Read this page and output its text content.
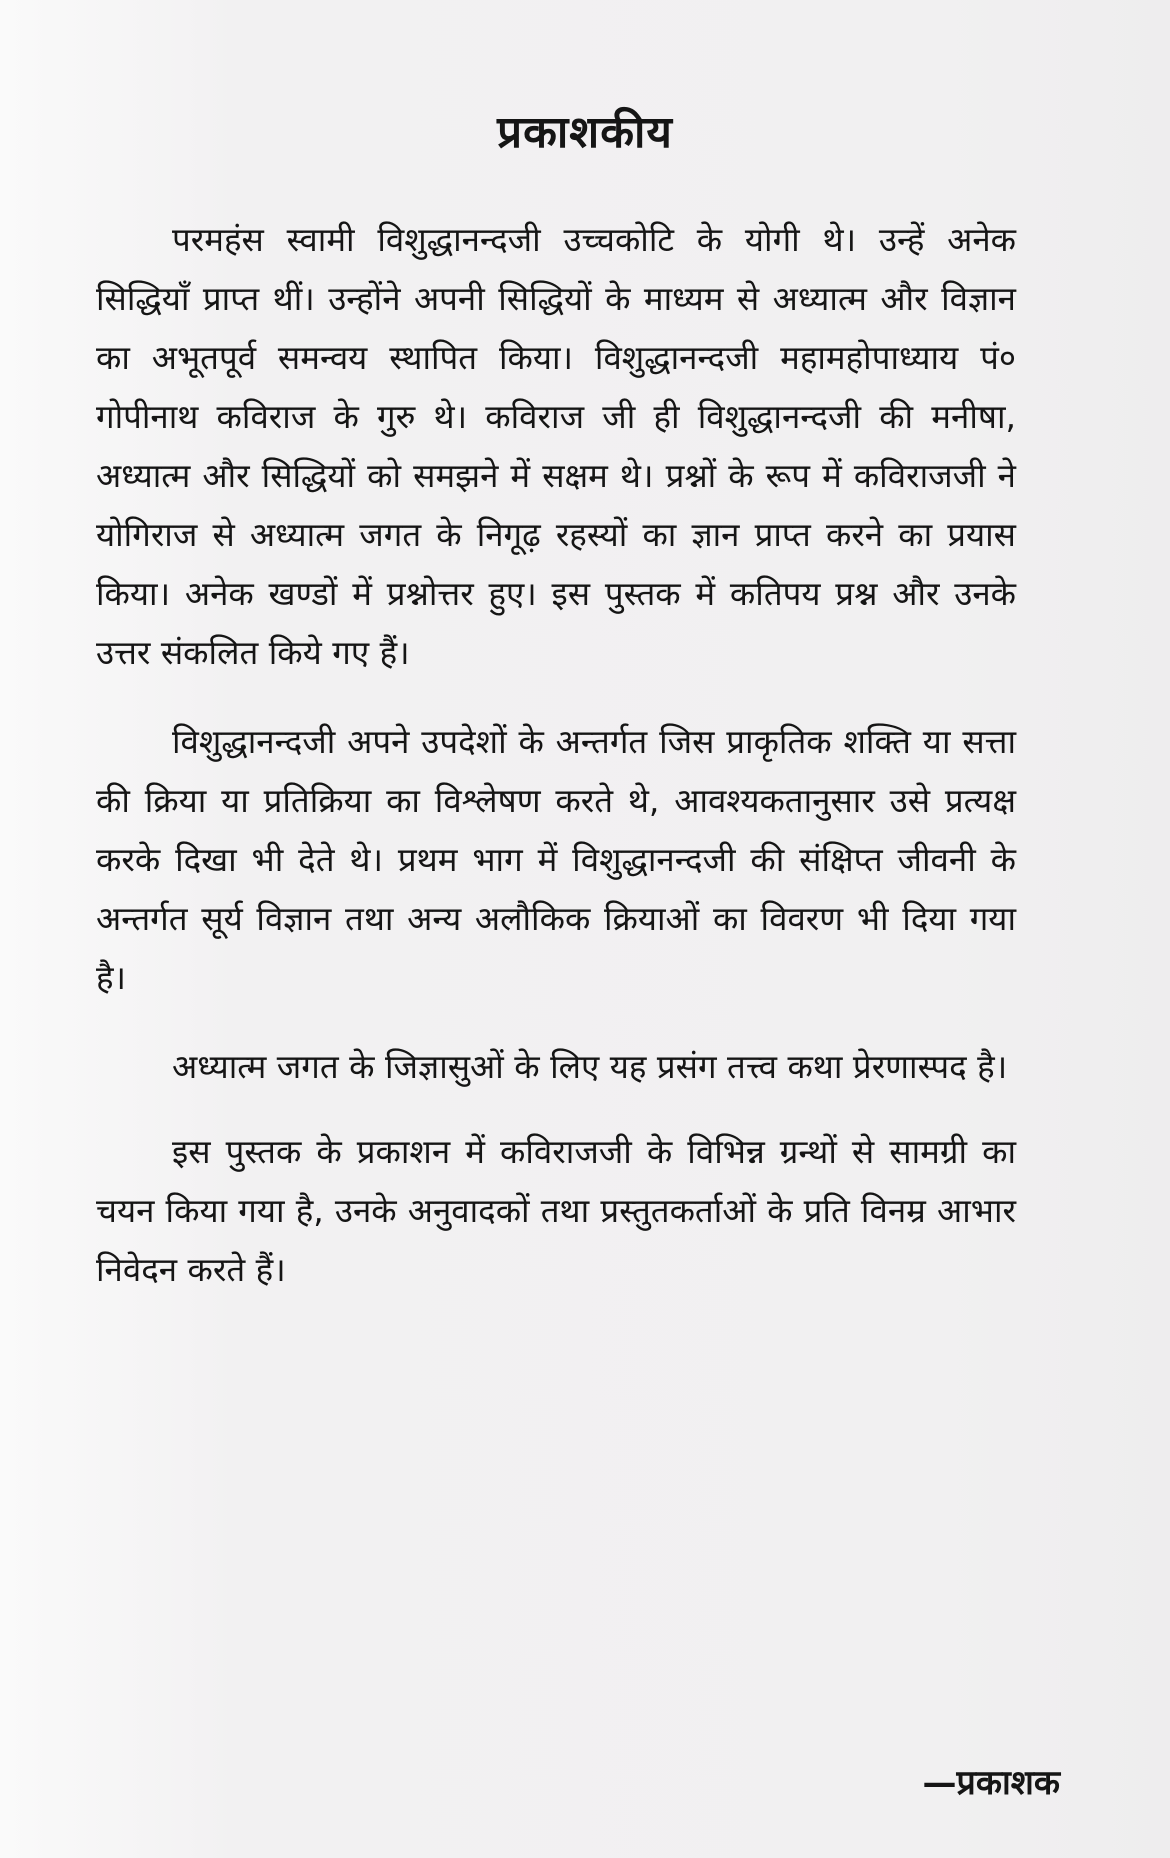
प्रकाशकीय

परमहंस स्वामी विशुद्धानन्दजी उच्चकोटि के योगी थे। उन्हें अनेक सिद्धियाँ प्राप्त थीं। उन्होंने अपनी सिद्धियों के माध्यम से अध्यात्म और विज्ञान का अभूतपूर्व समन्वय स्थापित किया। विशुद्धानन्दजी महामहोपाध्याय पं० गोपीनाथ कविराज के गुरु थे। कविराज जी ही विशुद्धानन्दजी की मनीषा, अध्यात्म और सिद्धियों को समझने में सक्षम थे। प्रश्नों के रूप में कविराजजी ने योगिराज से अध्यात्म जगत के निगूढ़ रहस्यों का ज्ञान प्राप्त करने का प्रयास किया। अनेक खण्डों में प्रश्नोत्तर हुए। इस पुस्तक में कतिपय प्रश्न और उनके उत्तर संकलित किये गए हैं।

विशुद्धानन्दजी अपने उपदेशों के अन्तर्गत जिस प्राकृतिक शक्ति या सत्ता की क्रिया या प्रतिक्रिया का विश्लेषण करते थे, आवश्यकतानुसार उसे प्रत्यक्ष करके दिखा भी देते थे। प्रथम भाग में विशुद्धानन्दजी की संक्षिप्त जीवनी के अन्तर्गत सूर्य विज्ञान तथा अन्य अलौकिक क्रियाओं का विवरण भी दिया गया है।

अध्यात्म जगत के जिज्ञासुओं के लिए यह प्रसंग तत्त्व कथा प्रेरणास्पद है।

इस पुस्तक के प्रकाशन में कविराजजी के विभिन्न ग्रन्थों से सामग्री का चयन किया गया है, उनके अनुवादकों तथा प्रस्तुतकर्ताओं के प्रति विनम्र आभार निवेदन करते हैं।

—प्रकाशक
